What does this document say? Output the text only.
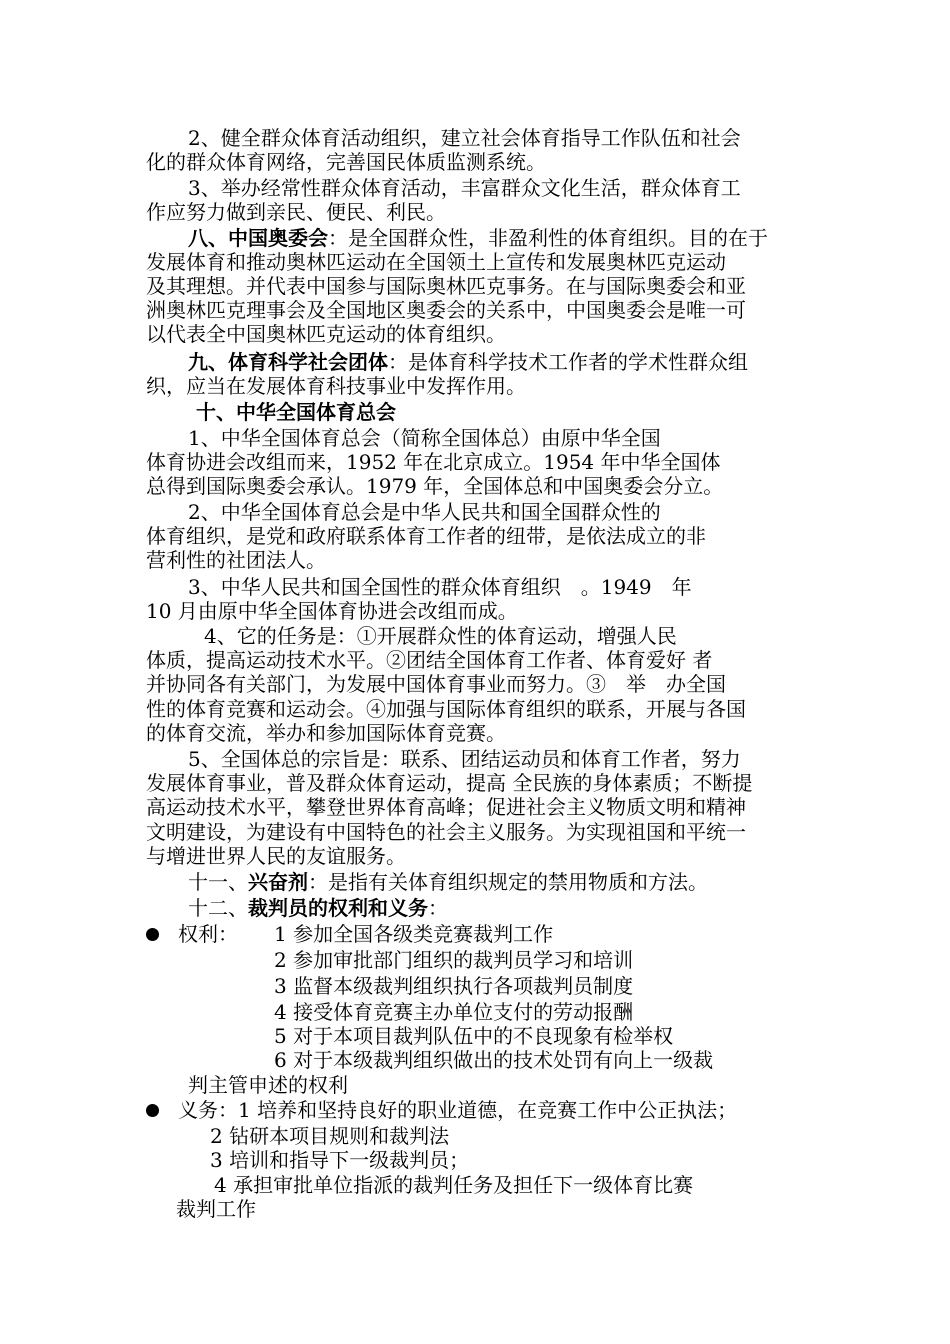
2、健全群众体育活动组织，建立社会体育指导工作队伍和社会
化的群众体育网络，完善国民体质监测系统。
3、举办经常性群众体育活动，丰富群众文化生活，群众体育工
作应努力做到亲民、便民、利民。
八、中国奥委会：是全国群众性，非盈利性的体育组织。目的在于
发展体育和推动奥林匹运动在全国领土上宣传和发展奥林匹克运动
及其理想。并代表中国参与国际奥林匹克事务。在与国际奥委会和亚
洲奥林匹克理事会及全国地区奥委会的关系中，中国奥委会是唯一可
以代表全中国奥林匹克运动的体育组织。
九、体育科学社会团体：是体育科学技术工作者的学术性群众组
织，应当在发展体育科技事业中发挥作用。
十、中华全国体育总会
1、中华全国体育总会（简称全国体总）由原中华全国
体育协进会改组而来，1952 年在北京成立。1954 年中华全国体
总得到国际奥委会承认。1979 年，全国体总和中国奥委会分立。
2、中华全国体育总会是中华人民共和国全国群众性的
体育组织，是党和政府联系体育工作者的纽带，是依法成立的非
营利性的社团法人。
3、中华人民共和国全国性的群众体育组织　。1949　年
10 月由原中华全国体育协进会改组而成。
4、它的任务是：①开展群众性的体育运动，增强人民
体质，提高运动技术水平。②团结全国体育工作者、体育爱好 者
并协同各有关部门，为发展中国体育事业而努力。③　举　办全国
性的体育竞赛和运动会。④加强与国际体育组织的联系，开展与各国
的体育交流，举办和参加国际体育竞赛。
5、全国体总的宗旨是：联系、团结运动员和体育工作者，努力
发展体育事业，普及群众体育运动，提高 全民族的身体素质；不断提
高运动技术水平，攀登世界体育高峰；促进社会主义物质文明和精神
文明建设，为建设有中国特色的社会主义服务。为实现祖国和平统一
与增进世界人民的友谊服务。
十一、兴奋剂：是指有关体育组织规定的禁用物质和方法。
十二、裁判员的权利和义务：
权利： 1 参加全国各级类竞赛裁判工作
2 参加审批部门组织的裁判员学习和培训
3 监督本级裁判组织执行各项裁判员制度
4 接受体育竞赛主办单位支付的劳动报酬
5 对于本项目裁判队伍中的不良现象有检举权
6 对于本级裁判组织做出的技术处罚有向上一级裁
判主管申述的权利
义务： 1 培养和坚持良好的职业道德，在竞赛工作中公正执法；
2 钻研本项目规则和裁判法
3 培训和指导下一级裁判员；
4 承担审批单位指派的裁判任务及担任下一级体育比赛
裁判工作
